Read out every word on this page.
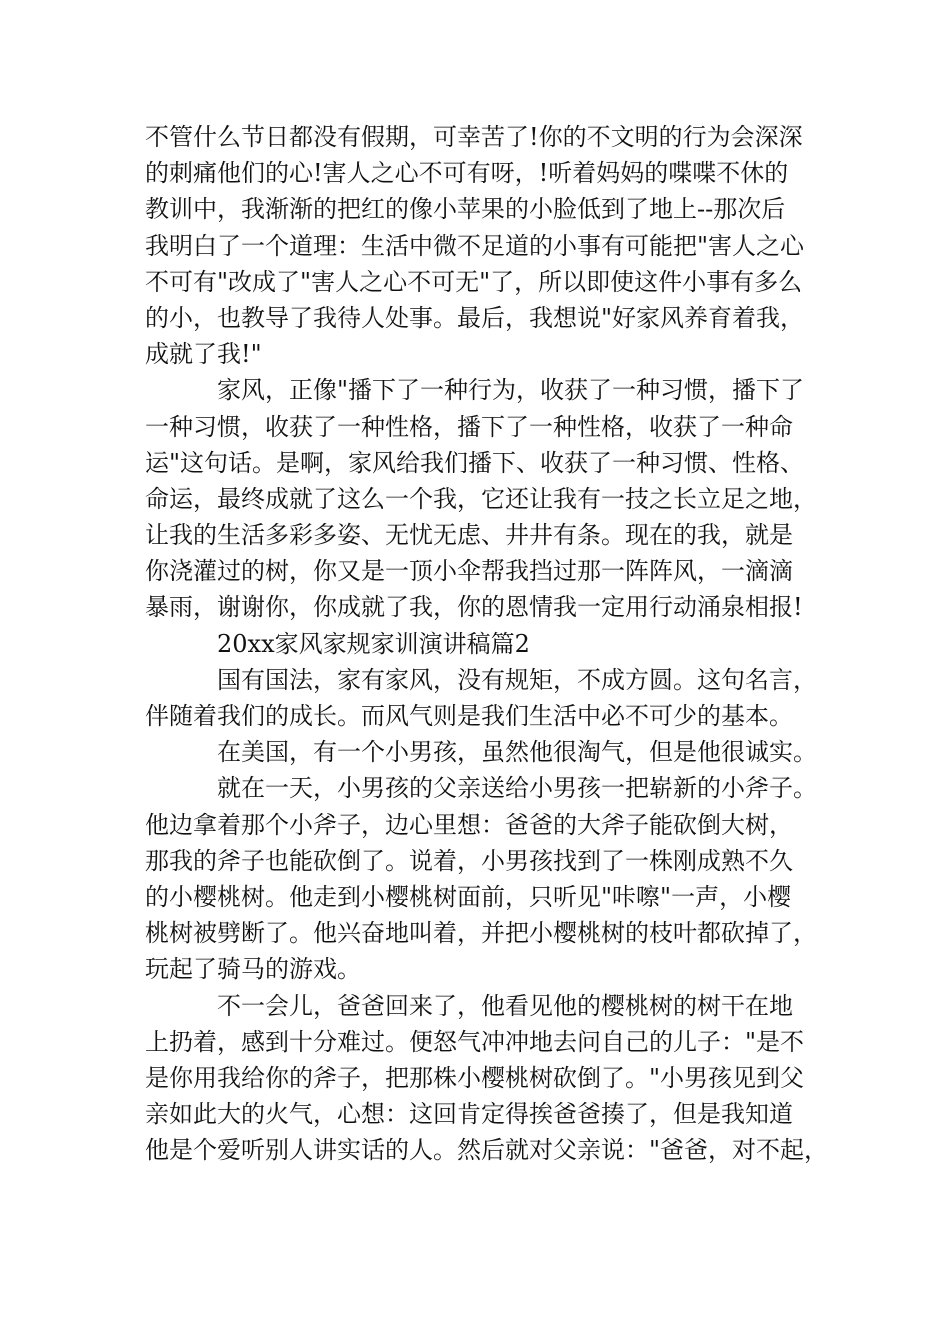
不管什么节日都没有假期，可幸苦了!你的不文明的行为会深深
的刺痛他们的心!害人之心不可有呀，!听着妈妈的喋喋不休的
教训中，我渐渐的把红的像小苹果的小脸低到了地上--那次后
我明白了一个道理：生活中微不足道的小事有可能把"害人之心
不可有"改成了"害人之心不可无"了，所以即使这件小事有多么
的小，也教导了我待人处事。最后，我想说"好家风养育着我，
成就了我!"
家风，正像"播下了一种行为，收获了一种习惯，播下了
一种习惯，收获了一种性格，播下了一种性格，收获了一种命
运"这句话。是啊，家风给我们播下、收获了一种习惯、性格、
命运，最终成就了这么一个我，它还让我有一技之长立足之地，
让我的生活多彩多姿、无忧无虑、井井有条。现在的我，就是
你浇灌过的树，你又是一顶小伞帮我挡过那一阵阵风，一滴滴
暴雨，谢谢你，你成就了我，你的恩情我一定用行动涌泉相报!
20xx家风家规家训演讲稿篇2
国有国法，家有家风，没有规矩，不成方圆。这句名言，
伴随着我们的成长。而风气则是我们生活中必不可少的基本。
在美国，有一个小男孩，虽然他很淘气，但是他很诚实。
就在一天，小男孩的父亲送给小男孩一把崭新的小斧子。
他边拿着那个小斧子，边心里想：爸爸的大斧子能砍倒大树，
那我的斧子也能砍倒了。说着，小男孩找到了一株刚成熟不久
的小樱桃树。他走到小樱桃树面前，只听见"咔嚓"一声，小樱
桃树被劈断了。他兴奋地叫着，并把小樱桃树的枝叶都砍掉了，
玩起了骑马的游戏。
不一会儿，爸爸回来了，他看见他的樱桃树的树干在地
上扔着，感到十分难过。便怒气冲冲地去问自己的儿子："是不
是你用我给你的斧子，把那株小樱桃树砍倒了。"小男孩见到父
亲如此大的火气，心想：这回肯定得挨爸爸揍了，但是我知道
他是个爱听别人讲实话的人。然后就对父亲说："爸爸，对不起，
